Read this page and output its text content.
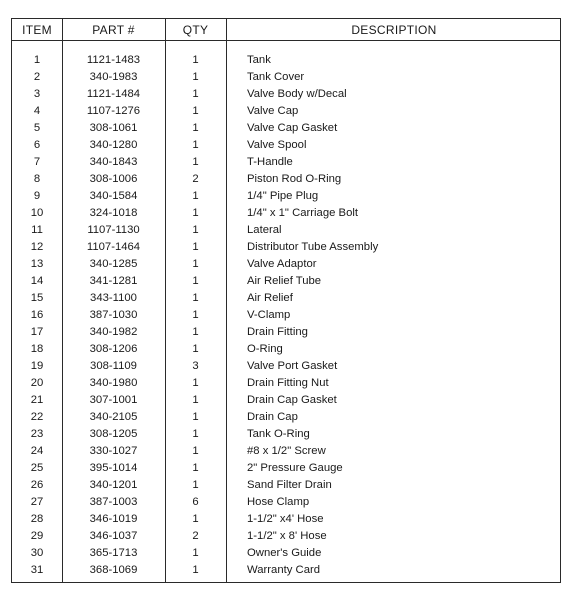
ITEM	PART #	QTY	DESCRIPTION
1	1121-1483	1	Tank
2	340-1983	1	Tank Cover
3	1121-1484	1	Valve Body w/Decal
4	1107-1276	1	Valve Cap
5	308-1061	1	Valve Cap Gasket
6	340-1280	1	Valve Spool
7	340-1843	1	T-Handle
8	308-1006	2	Piston Rod O-Ring
9	340-1584	1	1/4" Pipe Plug
10	324-1018	1	1/4" x 1" Carriage Bolt
11	1107-1130	1	Lateral
12	1107-1464	1	Distributor Tube Assembly
13	340-1285	1	Valve Adaptor
14	341-1281	1	Air Relief Tube
15	343-1100	1	Air Relief
16	387-1030	1	V-Clamp
17	340-1982	1	Drain Fitting
18	308-1206	1	O-Ring
19	308-1109	3	Valve Port Gasket
20	340-1980	1	Drain Fitting Nut
21	307-1001	1	Drain Cap Gasket
22	340-2105	1	Drain Cap
23	308-1205	1	Tank O-Ring
24	330-1027	1	#8 x 1/2" Screw
25	395-1014	1	2" Pressure Gauge
26	340-1201	1	Sand Filter Drain
27	387-1003	6	Hose Clamp
28	346-1019	1	1-1/2" x4' Hose
29	346-1037	2	1-1/2" x 8' Hose
30	365-1713	1	Owner's Guide
31	368-1069	1	Warranty Card
